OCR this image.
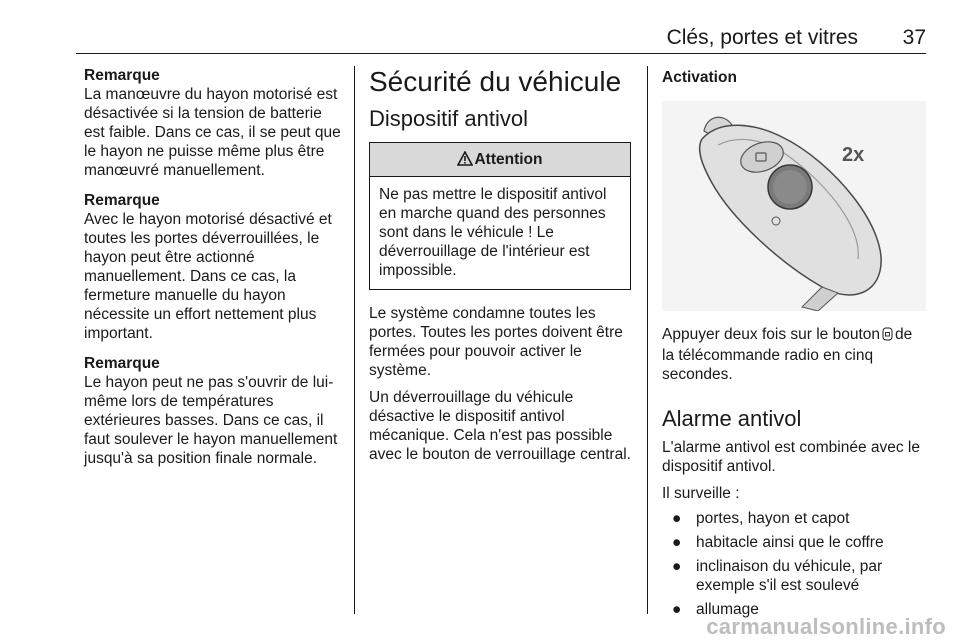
Clés, portes et vitres 37
Remarque

La manœuvre du hayon motorisé est désactivée si la tension de batterie est faible. Dans ce cas, il se peut que le hayon ne puisse même plus être manœuvré manuellement.

Remarque

Avec le hayon motorisé désactivé et toutes les portes déverrouillées, le hayon peut être actionné manuellement. Dans ce cas, la fermeture manuelle du hayon nécessite un effort nettement plus important.

Remarque

Le hayon peut ne pas s'ouvrir de lui-même lors de températures extérieures basses. Dans ce cas, il faut soulever le hayon manuellement jusqu'à sa position finale normale.

Sécurité du véhicule
Dispositif antivol
Attention

Ne pas mettre le dispositif antivol en marche quand des personnes sont dans le véhicule ! Le déverrouillage de l'intérieur est impossible.

Le système condamne toutes les portes. Toutes les portes doivent être fermées pour pouvoir activer le système.

Un déverrouillage du véhicule désactive le dispositif antivol mécanique. Cela n'est pas possible avec le bouton de verrouillage central.

Activation
2x

Appuyer deux fois sur le bouton de la télécommande radio en cinq secondes.

Alarme antivol

L'alarme antivol est combinée avec le dispositif antivol.

Il surveille :

● portes, hayon et capot
● habitacle ainsi que le coffre
● inclinaison du véhicule, par exemple s'il est soulevé
● allumage
carmanualsonline.info
